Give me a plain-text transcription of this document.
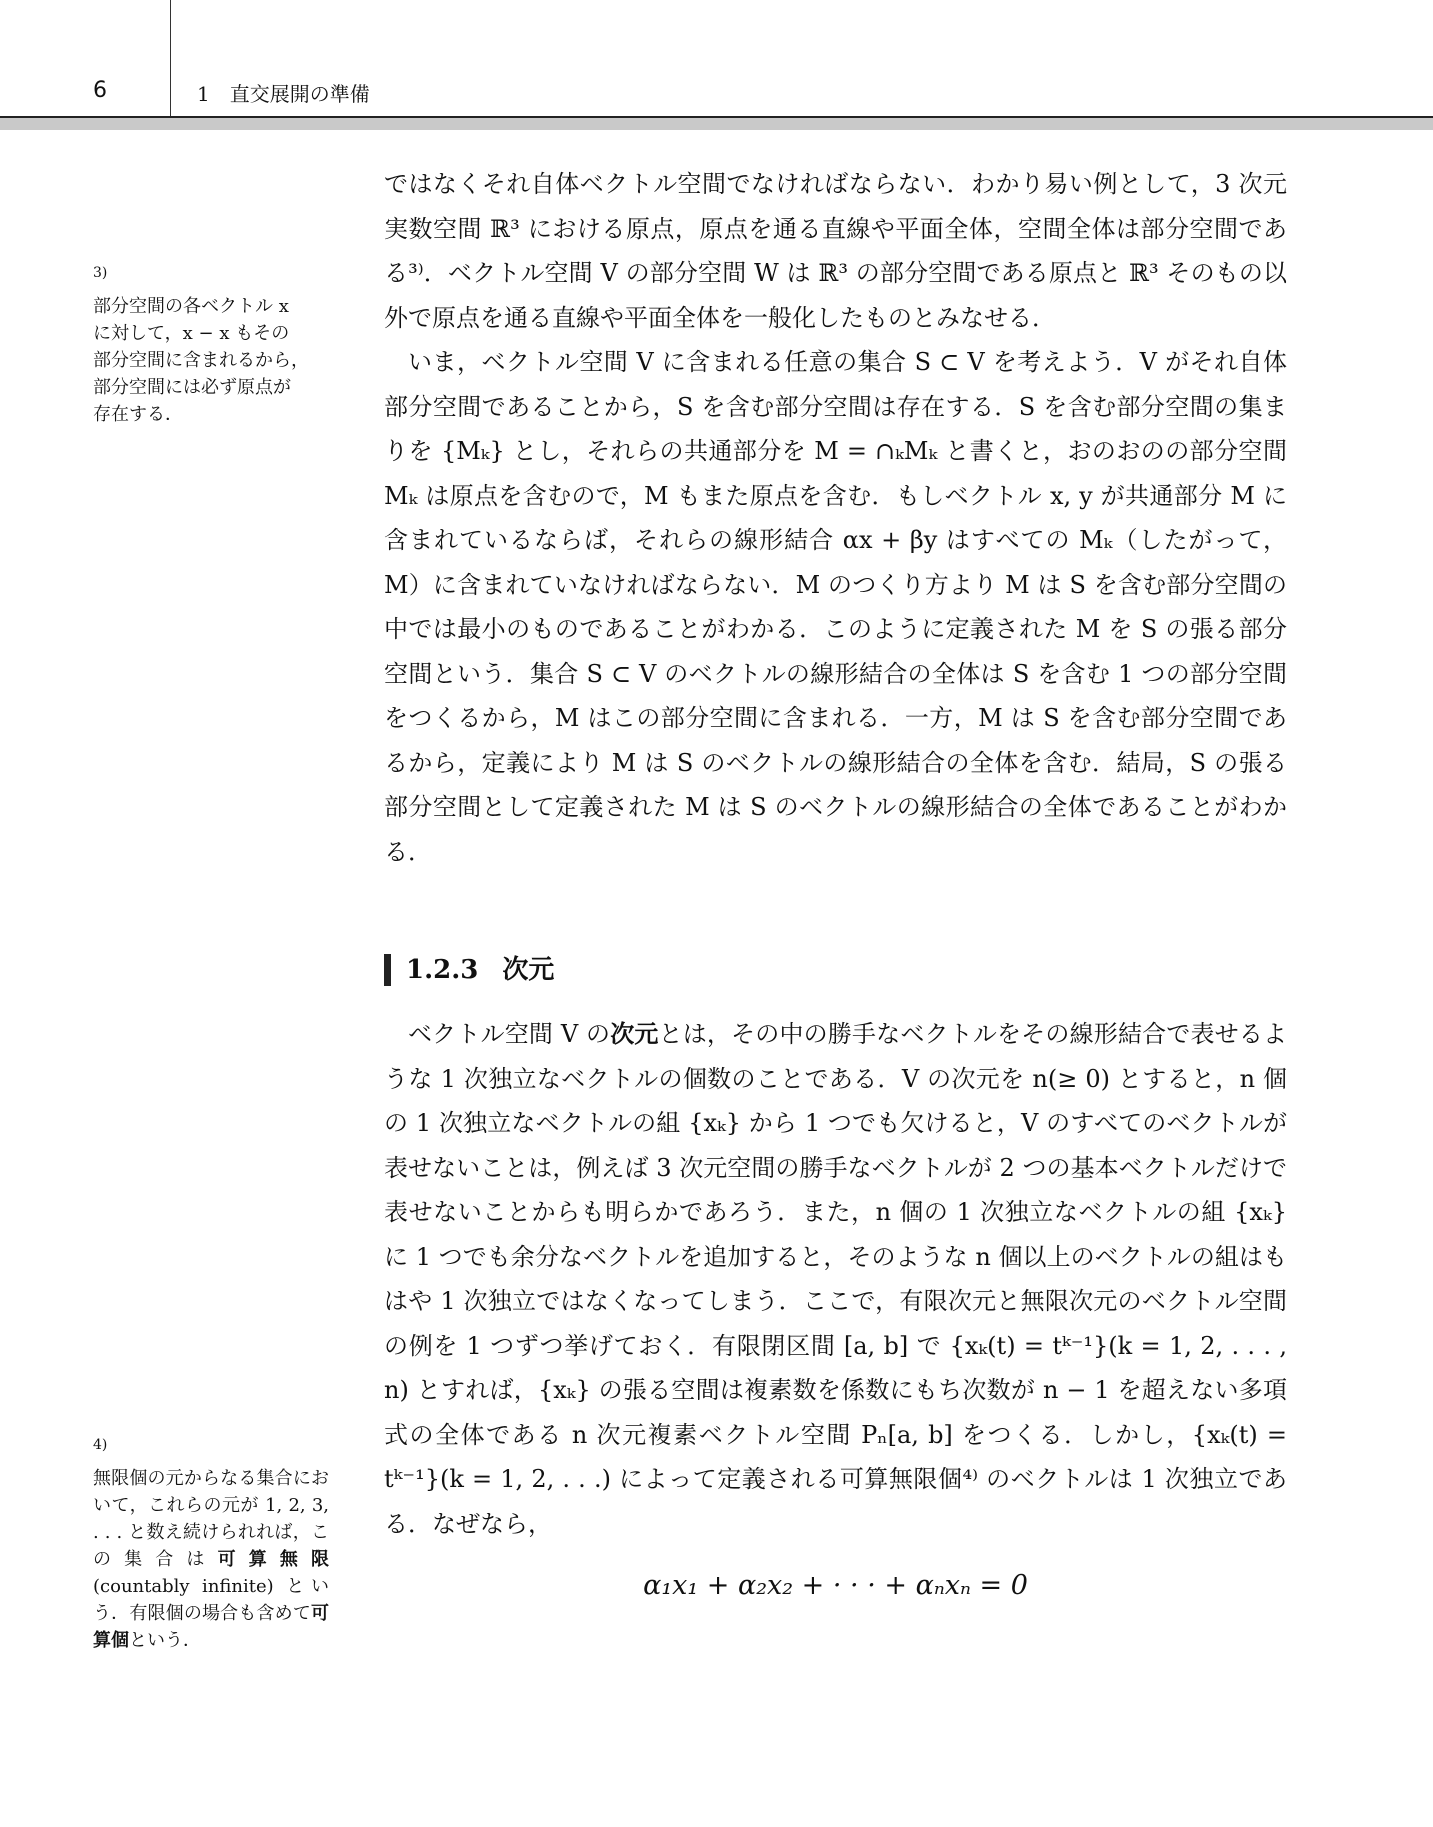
6	1　直交展開の準備
3)
部分空間の各ベクトル x
に対して，x − x もその
部分空間に含まれるから，
部分空間には必ず原点が
存在する．
4)
無限個の元からなる集合において，これらの元が 1, 2, 3, . . . と数え続けられれば，この集合は可算無限 (countably infinite) という．有限個の場合も含めて可算個という．

ではなくそれ自体ベクトル空間でなければならない．わかり易い例として，3 次元実数空間 ℝ³ における原点，原点を通る直線や平面全体，空間全体は部分空間である³⁾．ベクトル空間 V の部分空間 W は ℝ³ の部分空間である原点と ℝ³ そのもの以外で原点を通る直線や平面全体を一般化したものとみなせる．

いま，ベクトル空間 V に含まれる任意の集合 S ⊂ V を考えよう．V がそれ自体部分空間であることから，S を含む部分空間は存在する．S を含む部分空間の集まりを {Mₖ} とし，それらの共通部分を M = ∩ₖMₖ と書くと，おのおのの部分空間 Mₖ は原点を含むので，M もまた原点を含む．もしベクトル x, y が共通部分 M に含まれているならば，それらの線形結合 αx + βy はすべての Mₖ（したがって，M）に含まれていなければならない．M のつくり方より M は S を含む部分空間の中では最小のものであることがわかる．このように定義された M を S の張る部分空間という．集合 S ⊂ V のベクトルの線形結合の全体は S を含む 1 つの部分空間をつくるから，M はこの部分空間に含まれる．一方，M は S を含む部分空間であるから，定義により M は S のベクトルの線形結合の全体を含む．結局，S の張る部分空間として定義された M は S のベクトルの線形結合の全体であることがわかる．

1.2.3 次元

ベクトル空間 V の次元とは，その中の勝手なベクトルをその線形結合で表せるような 1 次独立なベクトルの個数のことである．V の次元を n(≥ 0) とすると，n 個の 1 次独立なベクトルの組 {xₖ} から 1 つでも欠けると，V のすべてのベクトルが表せないことは，例えば 3 次元空間の勝手なベクトルが 2 つの基本ベクトルだけで表せないことからも明らかであろう．また，n 個の 1 次独立なベクトルの組 {xₖ} に 1 つでも余分なベクトルを追加すると，そのような n 個以上のベクトルの組はもはや 1 次独立ではなくなってしまう．ここで，有限次元と無限次元のベクトル空間の例を 1 つずつ挙げておく．有限閉区間 [a, b] で {xₖ(t) = tᵏ⁻¹}(k = 1, 2, . . . , n) とすれば，{xₖ} の張る空間は複素数を係数にもち次数が n − 1 を超えない多項式の全体である n 次元複素ベクトル空間 Pₙ[a, b] をつくる．しかし，{xₖ(t) = tᵏ⁻¹}(k = 1, 2, . . .) によって定義される可算無限個⁴⁾ のベクトルは 1 次独立である．なぜなら，

α₁x₁ + α₂x₂ + · · · + αₙxₙ = 0
